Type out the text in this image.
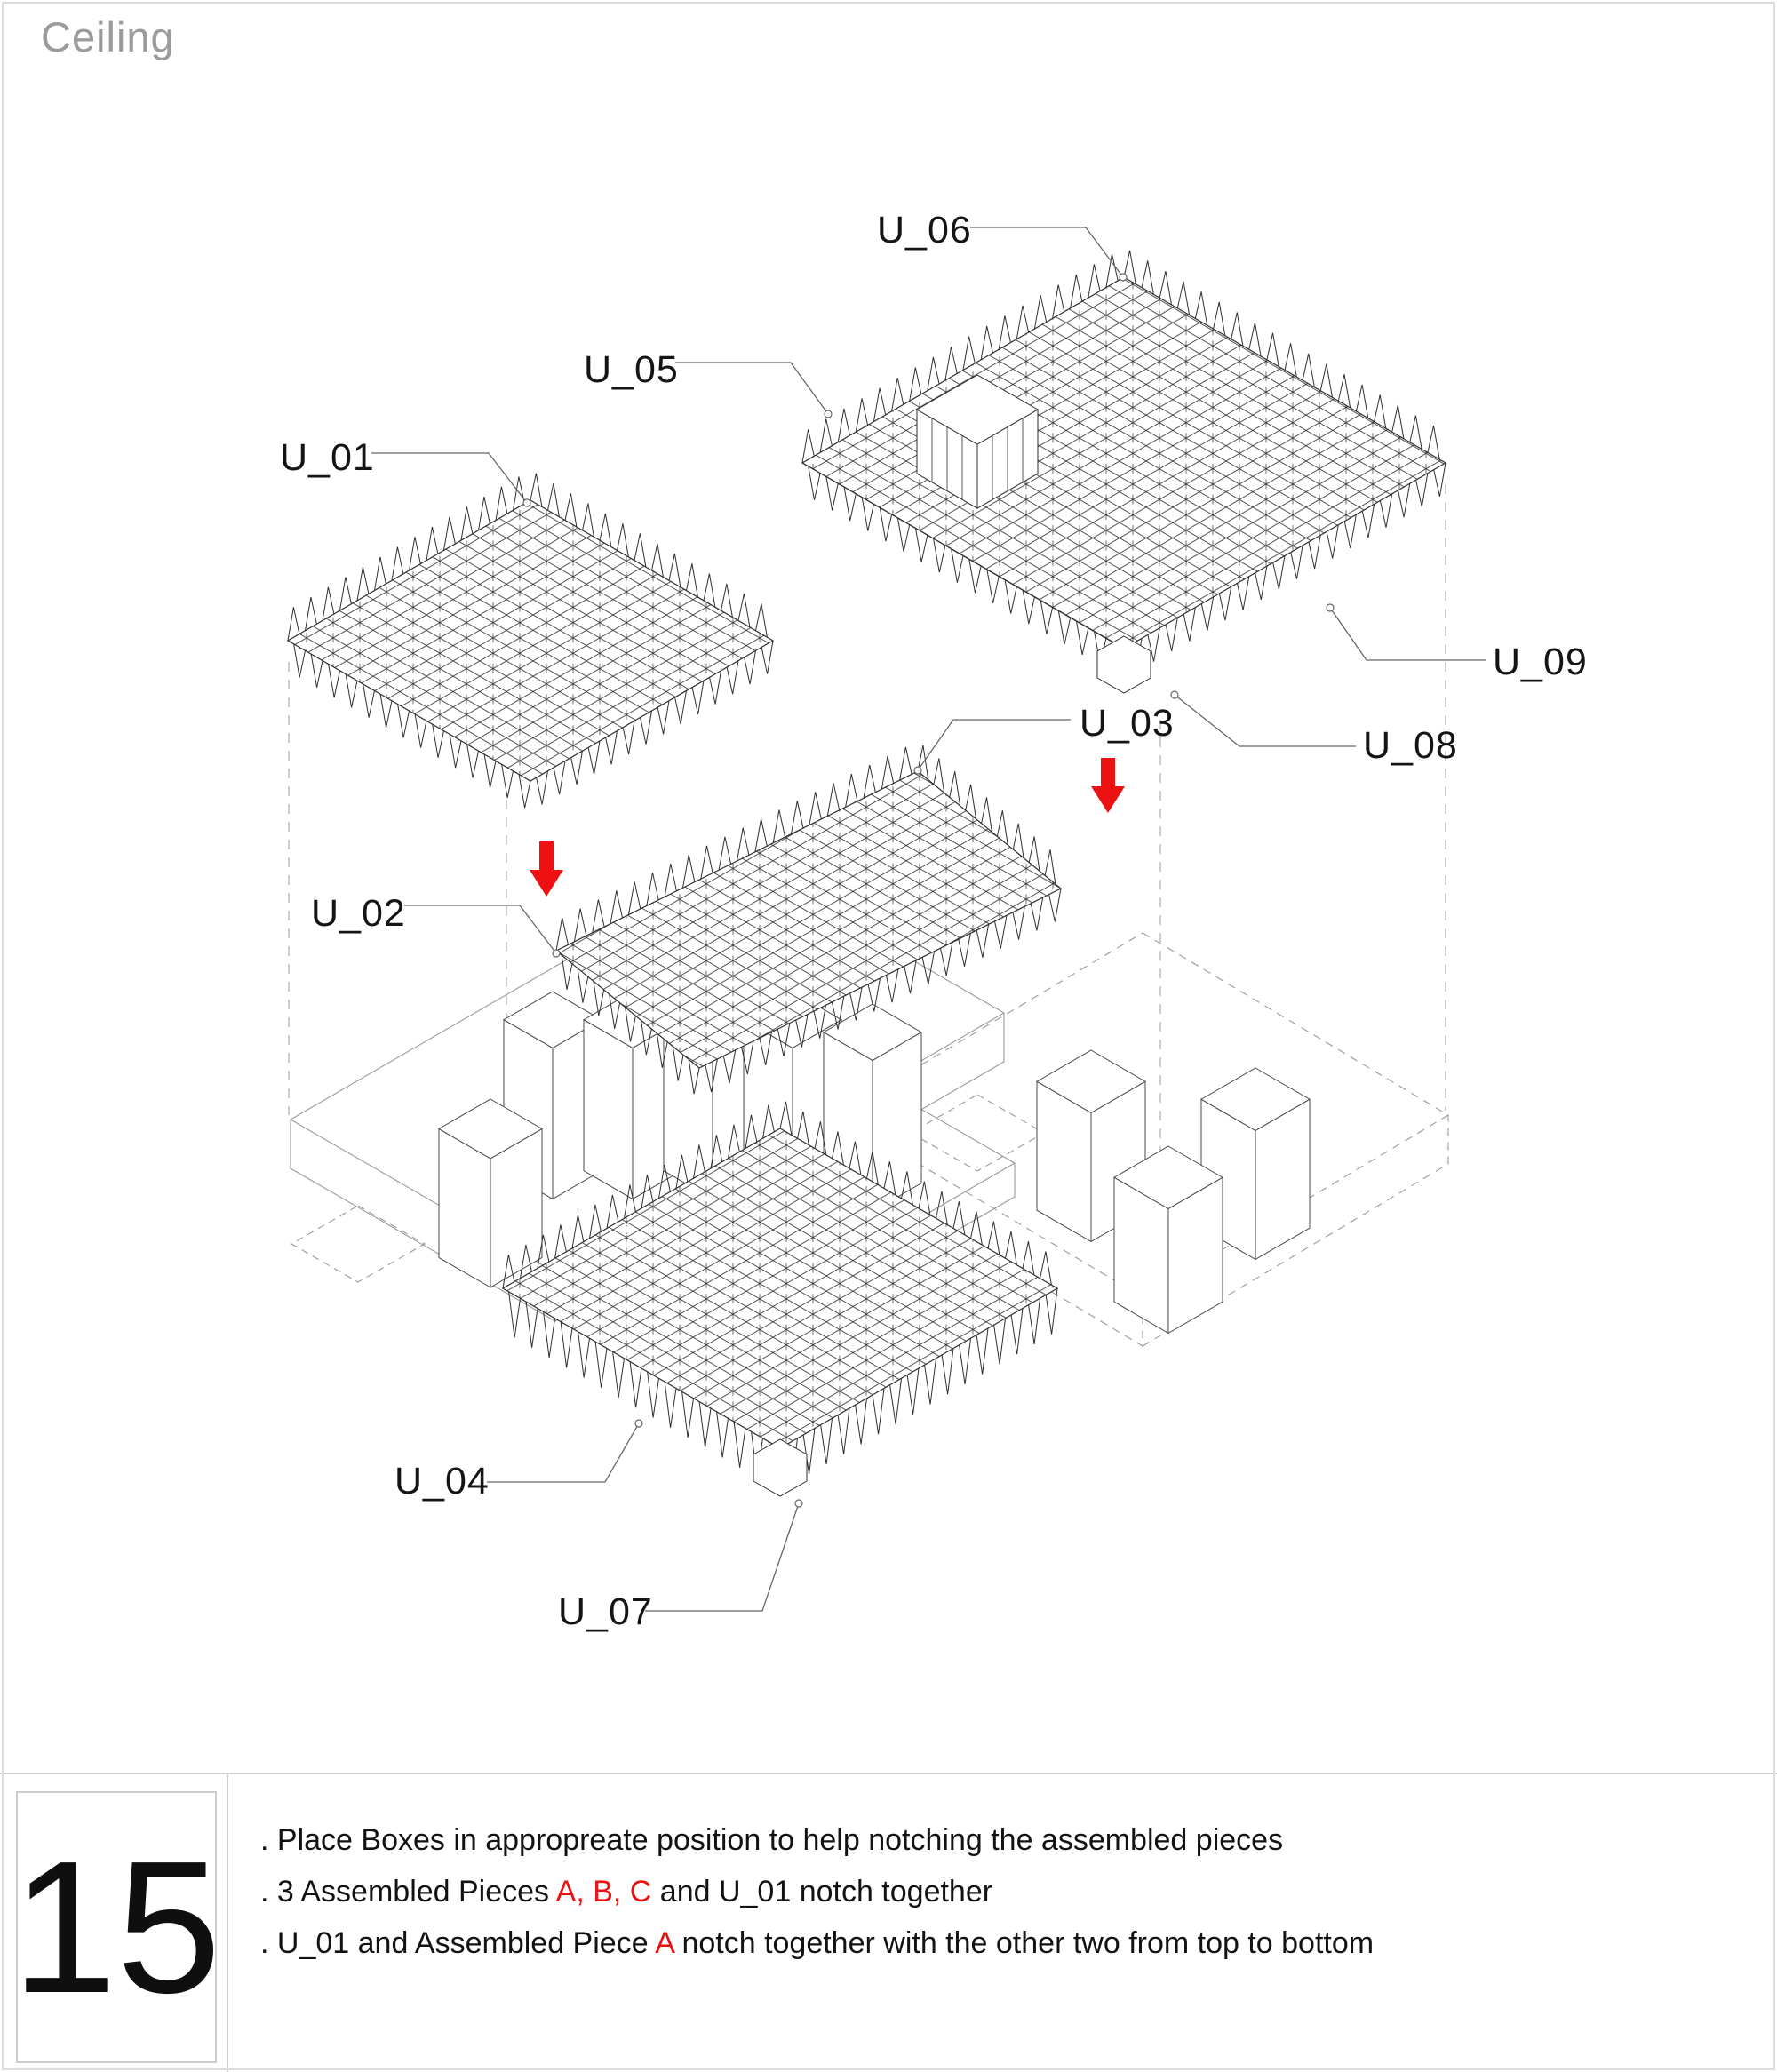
Ceiling
U_01
U_02
U_03
U_04
U_05
U_06
U_07
U_08
U_09
15 . Place Boxes in appropreate position to help notching the assembled pieces
. 3 Assembled Pieces A, B, C and U_01 notch together
. U_01 and Assembled Piece A notch together with the other two from top to bottom
